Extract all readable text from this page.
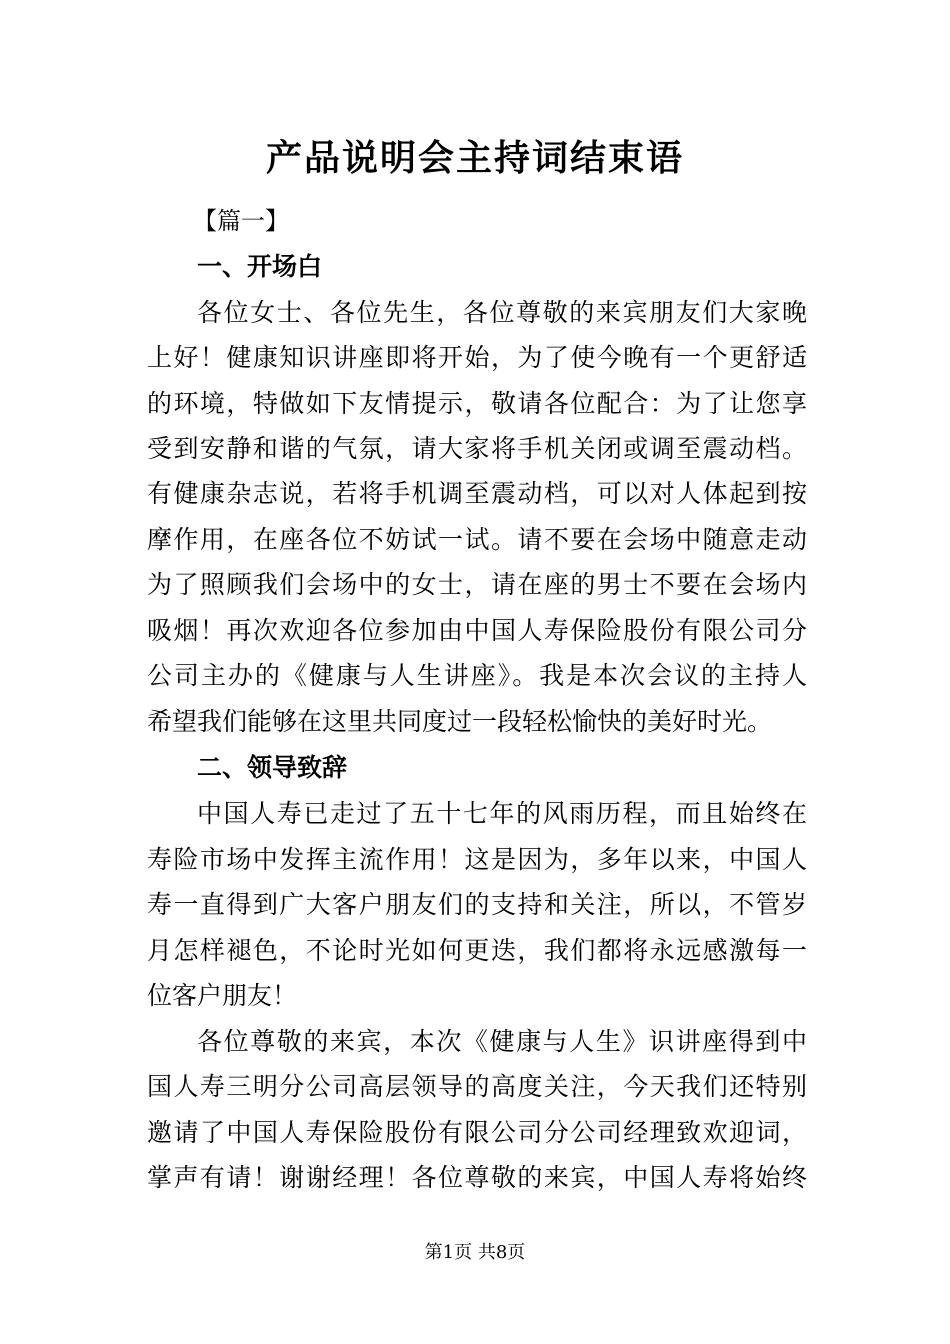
产品说明会主持词结束语

【篇一】

一、开场白

各位女士、各位先生，各位尊敬的来宾朋友们大家晚

上好！健康知识讲座即将开始，为了使今晚有一个更舒适

的环境，特做如下友情提示，敬请各位配合：为了让您享

受到安静和谐的气氛，请大家将手机关闭或调至震动档。

有健康杂志说，若将手机调至震动档，可以对人体起到按

摩作用，在座各位不妨试一试。请不要在会场中随意走动

为了照顾我们会场中的女士，请在座的男士不要在会场内

吸烟！再次欢迎各位参加由中国人寿保险股份有限公司分

公司主办的《健康与人生讲座》。我是本次会议的主持人

希望我们能够在这里共同度过一段轻松愉快的美好时光。

二、领导致辞

中国人寿已走过了五十七年的风雨历程，而且始终在

寿险市场中发挥主流作用！这是因为，多年以来，中国人

寿一直得到广大客户朋友们的支持和关注，所以，不管岁

月怎样褪色，不论时光如何更迭，我们都将永远感激每一

位客户朋友！

各位尊敬的来宾，本次《健康与人生》识讲座得到中

国人寿三明分公司高层领导的高度关注，今天我们还特别

邀请了中国人寿保险股份有限公司分公司经理致欢迎词，

掌声有请！谢谢经理！各位尊敬的来宾，中国人寿将始终

第1页 共8页
